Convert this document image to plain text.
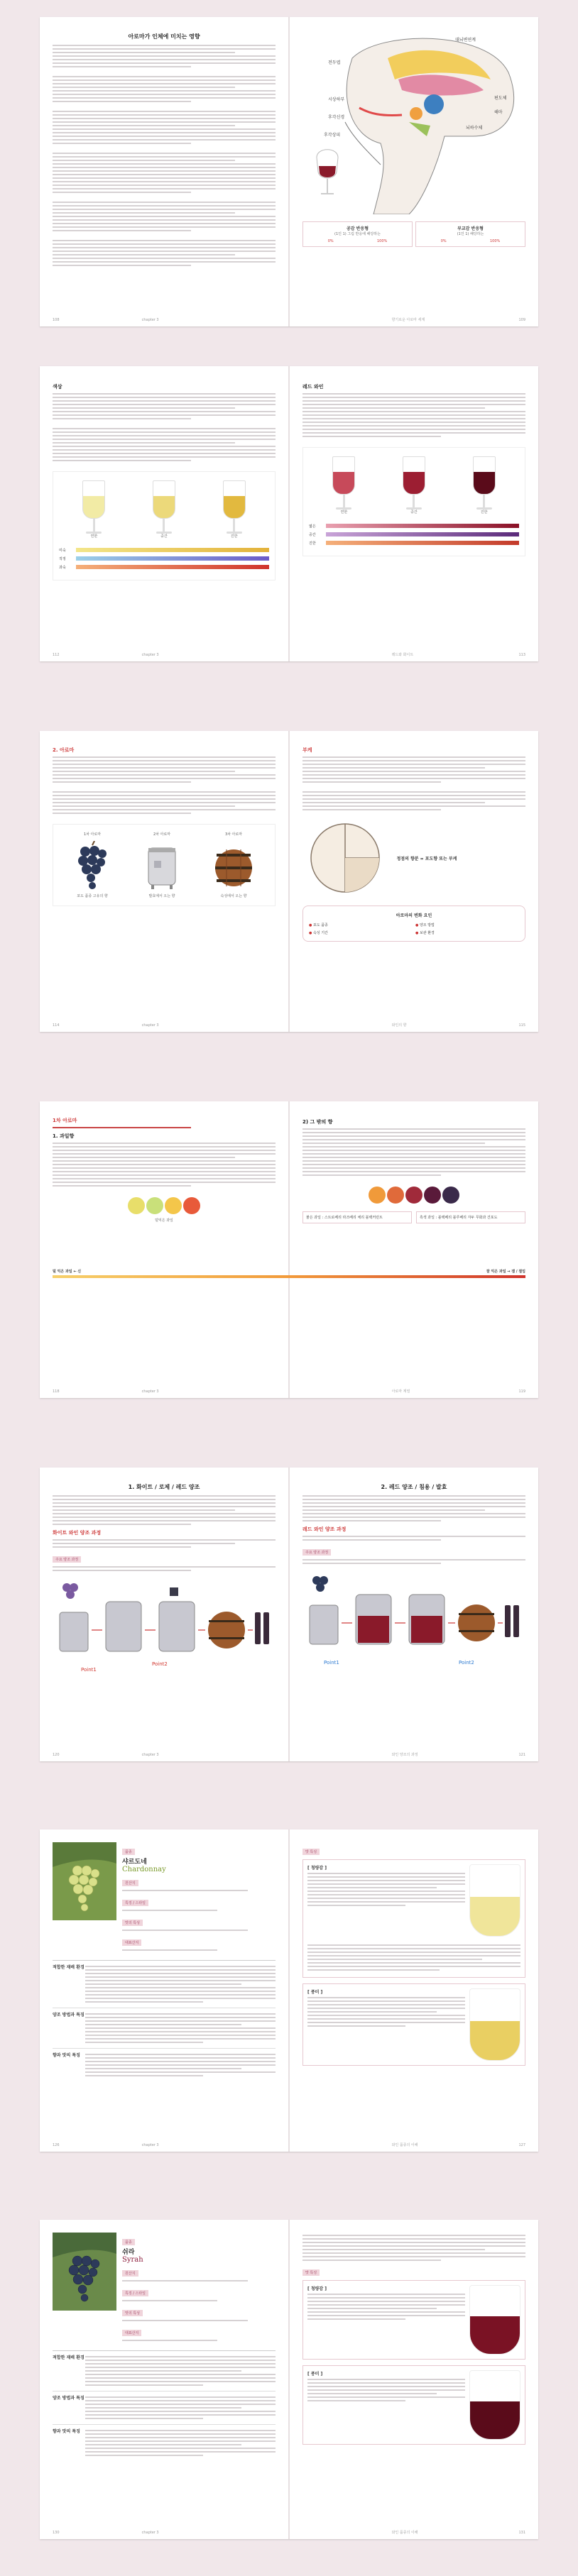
아로마가 인체에 미치는 영향
108	chapter 3
대뇌변연계
전두엽
편도체
해마
시상하부
후각신경
뇌하수체
후각상피
공감 반응형
(1인 1) 그림 반응에 해당하는
0%	100%
부교감 반응형
(1인 1) 해당하는
0%	100%
향기로운 아로마 세계	109
색상
연한	중간	진한
미숙
적정
과숙
112	chapter 3
레드 와인
연한	중간	진한
엷은
중간
진한
레드와 화이트	113
2. 아로마
1차 아로마
포도 품종 고유의 향
2차 아로마
발효에서 오는 향
3차 아로마
숙성에서 오는 향
114	chapter 3
부케
정점의 향분 = 포도향 또는 부케
아로마의 변화 요인
● 포도 품종	● 양조 방법
● 숙성 기간	● 보관 환경
와인의 향	115
1차 아로마
1. 과일향
덜익은 과일
118	chapter 3
2) 그 밖의 향
붉은 과일 : 스트로베리 라즈베리 체리 블랙커런트	흑색 과일 : 블랙베리 블루베리 자두 무화과 건포도
아로마 계열	119
덜 익은 과일 ← 신	잘 익은 과일 → 잼 / 절임
1. 화이트 / 로제 / 레드 양조
화이트 와인 양조 과정
주요 양조 과정
Point1
Point2
120	chapter 3
2. 레드 양조 / 침용 / 발효
레드 와인 양조 과정
주요 양조 과정
Point1	Point2
와인 양조의 과정	121
품종
샤르도네
Chardonnay
원산지
특징 / 스타일
맛의 특성
대표산지
적합한 재배 환경
양조 방법과 특징
향과 맛의 특징
126	chapter 3
맛 특성
[ 청량감 ]
[ 풍미 ]
와인 품종의 이해	127
품종
쉬라
Syrah
원산지
특징 / 스타일
맛의 특성
대표산지
적합한 재배 환경
양조 방법과 특징
향과 맛의 특징
130	chapter 3
맛 특성
[ 청량감 ]
[ 풍미 ]
와인 품종의 이해	131
